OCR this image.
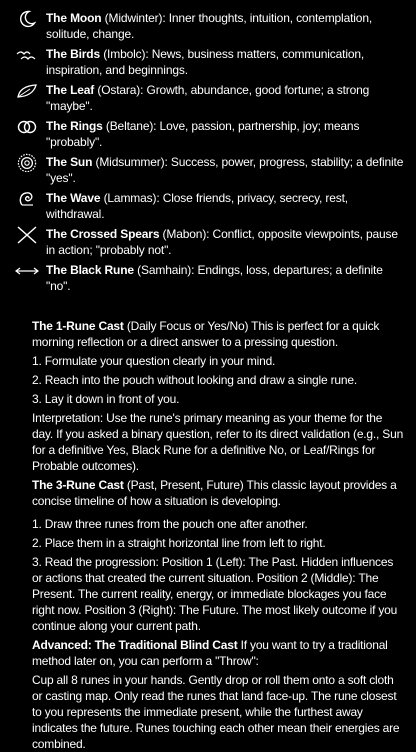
The Moon (Midwinter): Inner thoughts, intuition, contemplation, solitude, change.
The Birds (Imbolc): News, business matters, communication, inspiration, and beginnings.
The Leaf (Ostara): Growth, abundance, good fortune; a strong "maybe".
The Rings (Beltane): Love, passion, partnership, joy; means "probably".
The Sun (Midsummer): Success, power, progress, stability; a definite "yes".
The Wave (Lammas): Close friends, privacy, secrecy, rest, withdrawal.
The Crossed Spears (Mabon): Conflict, opposite viewpoints, pause in action; "probably not".
The Black Rune (Samhain): Endings, loss, departures; a definite "no".

The 1-Rune Cast (Daily Focus or Yes/No) This is perfect for a quick morning reflection or a direct answer to a pressing question.

1. Formulate your question clearly in your mind.

2. Reach into the pouch without looking and draw a single rune.

3. Lay it down in front of you.

Interpretation: Use the rune's primary meaning as your theme for the day. If you asked a binary question, refer to its direct validation (e.g., Sun for a definitive Yes, Black Rune for a definitive No, or Leaf/Rings for Probable outcomes).

The 3-Rune Cast (Past, Present, Future) This classic layout provides a concise timeline of how a situation is developing.

1. Draw three runes from the pouch one after another.

2. Place them in a straight horizontal line from left to right.

3. Read the progression: Position 1 (Left): The Past. Hidden influences or actions that created the current situation. Position 2 (Middle): The Present. The current reality, energy, or immediate blockages you face right now. Position 3 (Right): The Future. The most likely outcome if you continue along your current path.

Advanced: The Traditional Blind Cast If you want to try a traditional method later on, you can perform a "Throw":

Cup all 8 runes in your hands. Gently drop or roll them onto a soft cloth or casting map. Only read the runes that land face-up. The rune closest to you represents the immediate present, while the furthest away indicates the future. Runes touching each other mean their energies are combined.
